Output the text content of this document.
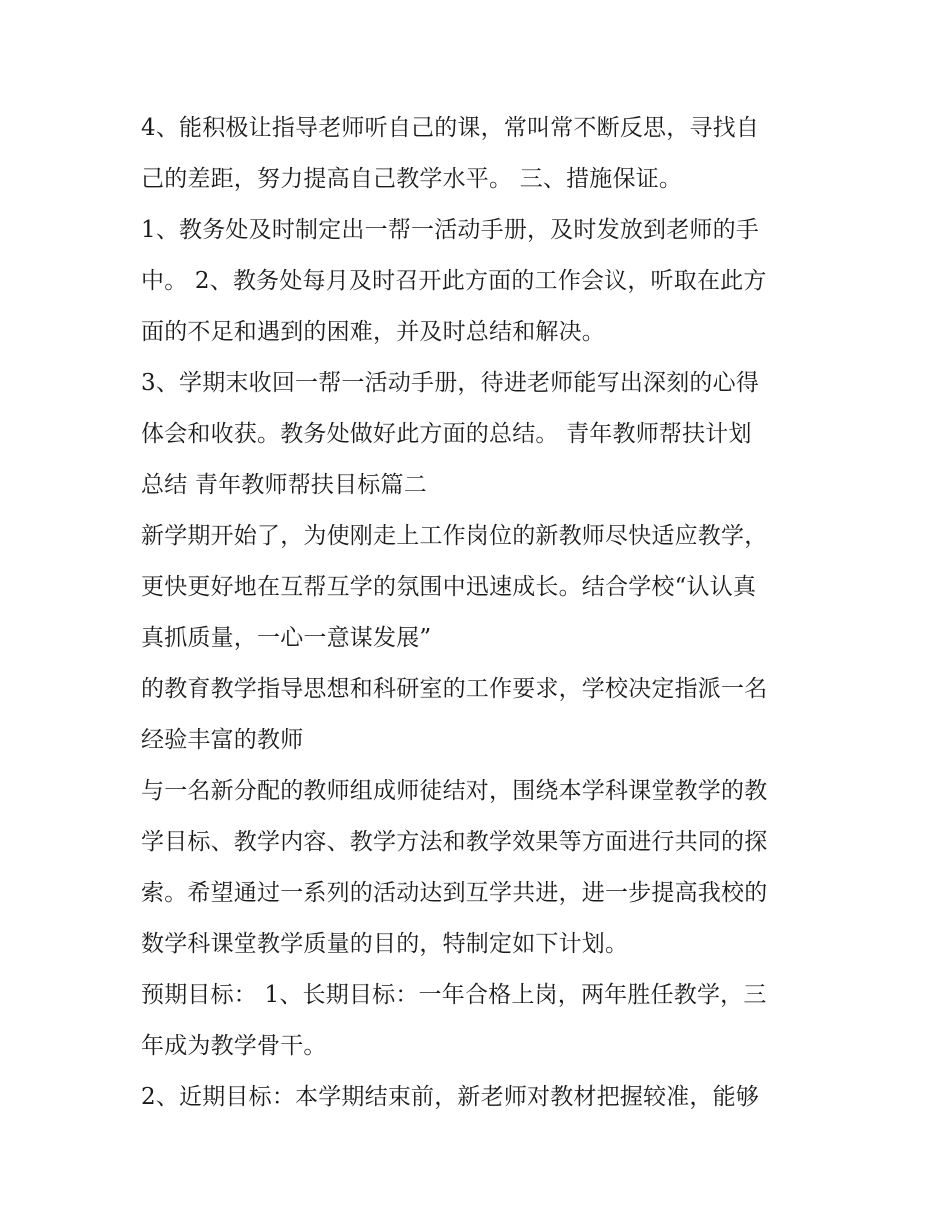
4、能积极让指导老师听自己的课，常叫常不断反思，寻找自
己的差距，努力提高自己教学水平。 三、措施保证。
1、教务处及时制定出一帮一活动手册，及时发放到老师的手
中。 2、教务处每月及时召开此方面的工作会议，听取在此方
面的不足和遇到的困难，并及时总结和解决。
3、学期末收回一帮一活动手册，待进老师能写出深刻的心得
体会和收获。教务处做好此方面的总结。 青年教师帮扶计划
总结 青年教师帮扶目标篇二
新学期开始了，为使刚走上工作岗位的新教师尽快适应教学，
更快更好地在互帮互学的氛围中迅速成长。结合学校“认认真
真抓质量，一心一意谋发展”
的教育教学指导思想和科研室的工作要求，学校决定指派一名
经验丰富的教师
与一名新分配的教师组成师徒结对，围绕本学科课堂教学的教
学目标、教学内容、教学方法和教学效果等方面进行共同的探
索。希望通过一系列的活动达到互学共进，进一步提高我校的
数学科课堂教学质量的目的，特制定如下计划。
预期目标： 1、长期目标：一年合格上岗，两年胜任教学，三
年成为教学骨干。
2、近期目标：本学期结束前，新老师对教材把握较准，能够
